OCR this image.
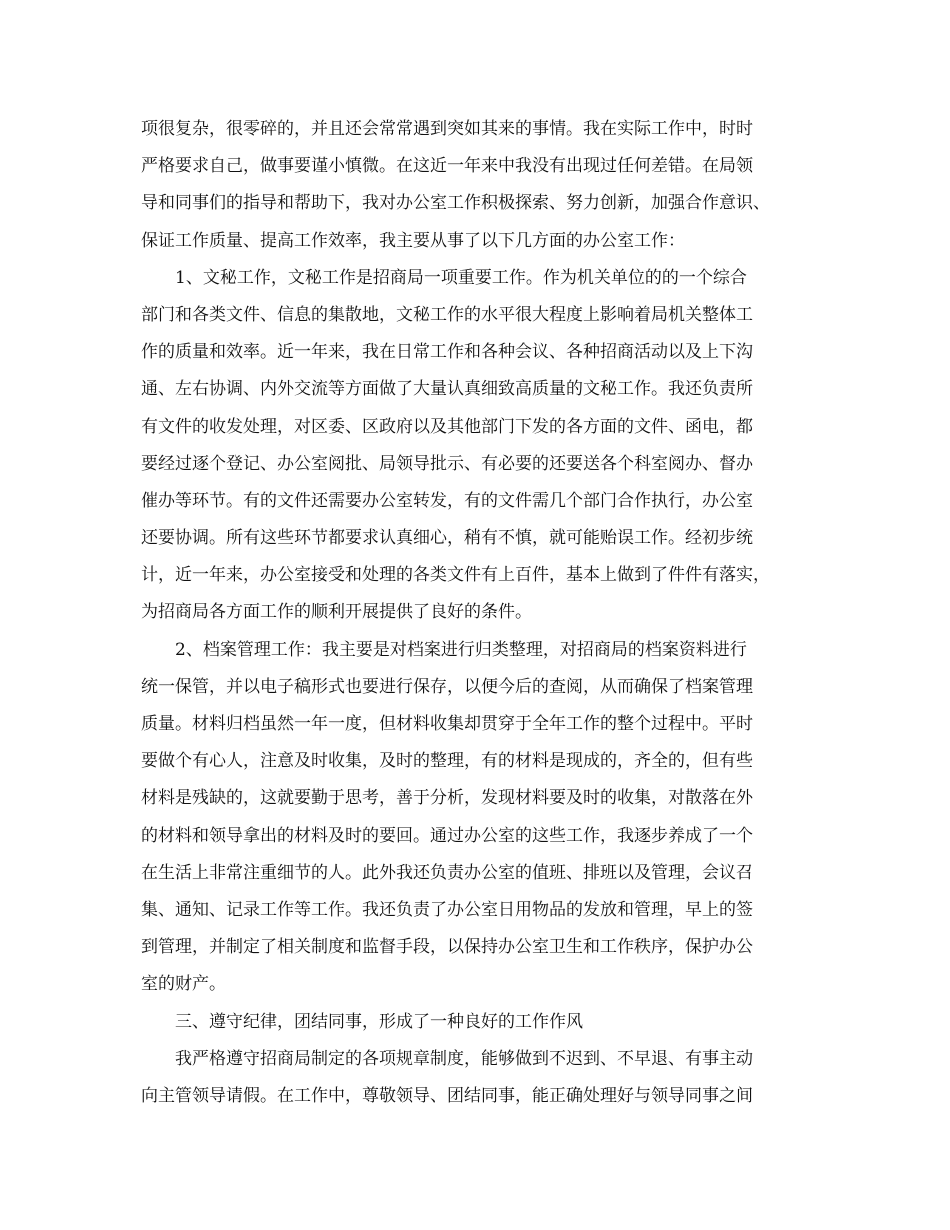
项很复杂，很零碎的，并且还会常常遇到突如其来的事情。我在实际工作中，时时
严格要求自己，做事要谨小慎微。在这近一年来中我没有出现过任何差错。在局领
导和同事们的指导和帮助下，我对办公室工作积极探索、努力创新，加强合作意识、
保证工作质量、提高工作效率，我主要从事了以下几方面的办公室工作：
1、文秘工作，文秘工作是招商局一项重要工作。作为机关单位的的一个综合
部门和各类文件、信息的集散地，文秘工作的水平很大程度上影响着局机关整体工
作的质量和效率。近一年来，我在日常工作和各种会议、各种招商活动以及上下沟
通、左右协调、内外交流等方面做了大量认真细致高质量的文秘工作。我还负责所
有文件的收发处理，对区委、区政府以及其他部门下发的各方面的文件、函电，都
要经过逐个登记、办公室阅批、局领导批示、有必要的还要送各个科室阅办、督办
催办等环节。有的文件还需要办公室转发，有的文件需几个部门合作执行，办公室
还要协调。所有这些环节都要求认真细心，稍有不慎，就可能贻误工作。经初步统
计，近一年来，办公室接受和处理的各类文件有上百件，基本上做到了件件有落实，
为招商局各方面工作的顺利开展提供了良好的条件。
2、档案管理工作：我主要是对档案进行归类整理，对招商局的档案资料进行
统一保管，并以电子稿形式也要进行保存，以便今后的查阅，从而确保了档案管理
质量。材料归档虽然一年一度，但材料收集却贯穿于全年工作的整个过程中。平时
要做个有心人，注意及时收集，及时的整理，有的材料是现成的，齐全的，但有些
材料是残缺的，这就要勤于思考，善于分析，发现材料要及时的收集，对散落在外
的材料和领导拿出的材料及时的要回。通过办公室的这些工作，我逐步养成了一个
在生活上非常注重细节的人。此外我还负责办公室的值班、排班以及管理，会议召
集、通知、记录工作等工作。我还负责了办公室日用物品的发放和管理，早上的签
到管理，并制定了相关制度和监督手段，以保持办公室卫生和工作秩序，保护办公
室的财产。
三、遵守纪律，团结同事，形成了一种良好的工作作风
我严格遵守招商局制定的各项规章制度，能够做到不迟到、不早退、有事主动
向主管领导请假。在工作中，尊敬领导、团结同事，能正确处理好与领导同事之间
